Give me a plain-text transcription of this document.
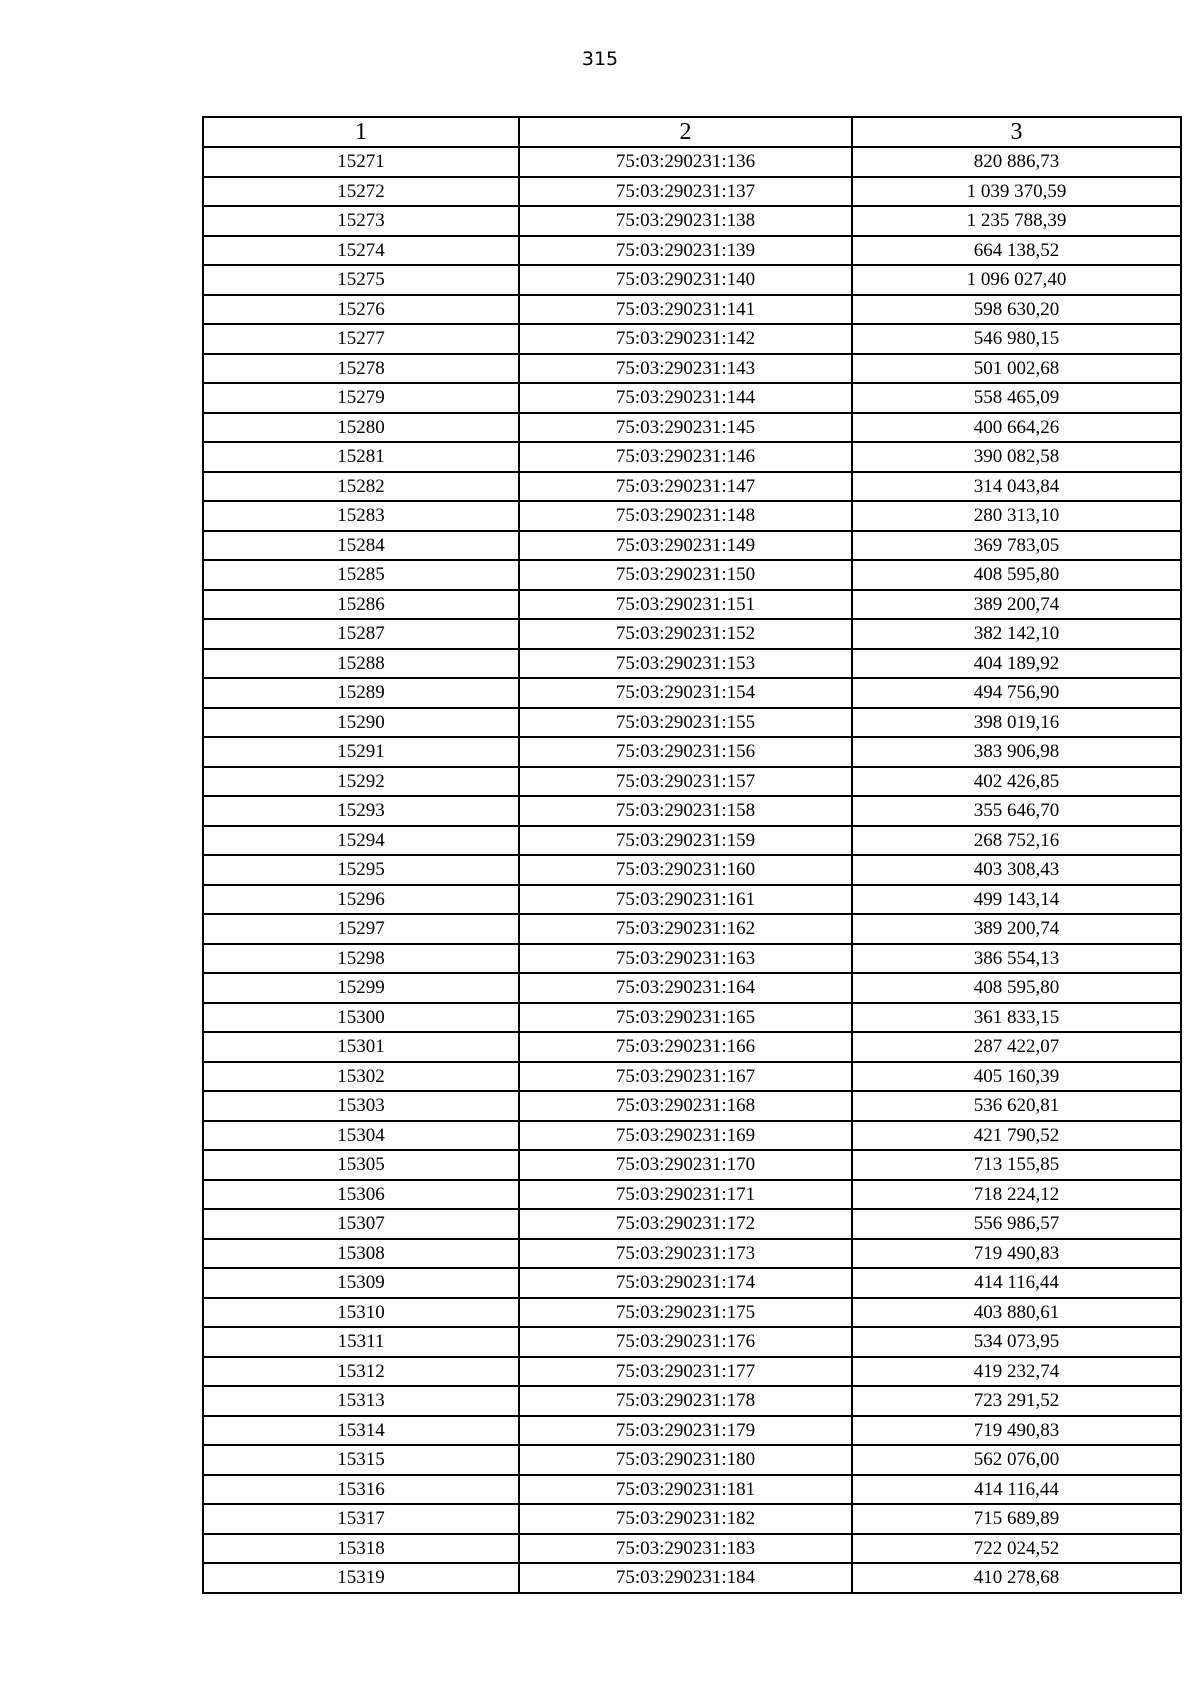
315
1	2	3
15271	75:03:290231:136	820 886,73
15272	75:03:290231:137	1 039 370,59
15273	75:03:290231:138	1 235 788,39
15274	75:03:290231:139	664 138,52
15275	75:03:290231:140	1 096 027,40
15276	75:03:290231:141	598 630,20
15277	75:03:290231:142	546 980,15
15278	75:03:290231:143	501 002,68
15279	75:03:290231:144	558 465,09
15280	75:03:290231:145	400 664,26
15281	75:03:290231:146	390 082,58
15282	75:03:290231:147	314 043,84
15283	75:03:290231:148	280 313,10
15284	75:03:290231:149	369 783,05
15285	75:03:290231:150	408 595,80
15286	75:03:290231:151	389 200,74
15287	75:03:290231:152	382 142,10
15288	75:03:290231:153	404 189,92
15289	75:03:290231:154	494 756,90
15290	75:03:290231:155	398 019,16
15291	75:03:290231:156	383 906,98
15292	75:03:290231:157	402 426,85
15293	75:03:290231:158	355 646,70
15294	75:03:290231:159	268 752,16
15295	75:03:290231:160	403 308,43
15296	75:03:290231:161	499 143,14
15297	75:03:290231:162	389 200,74
15298	75:03:290231:163	386 554,13
15299	75:03:290231:164	408 595,80
15300	75:03:290231:165	361 833,15
15301	75:03:290231:166	287 422,07
15302	75:03:290231:167	405 160,39
15303	75:03:290231:168	536 620,81
15304	75:03:290231:169	421 790,52
15305	75:03:290231:170	713 155,85
15306	75:03:290231:171	718 224,12
15307	75:03:290231:172	556 986,57
15308	75:03:290231:173	719 490,83
15309	75:03:290231:174	414 116,44
15310	75:03:290231:175	403 880,61
15311	75:03:290231:176	534 073,95
15312	75:03:290231:177	419 232,74
15313	75:03:290231:178	723 291,52
15314	75:03:290231:179	719 490,83
15315	75:03:290231:180	562 076,00
15316	75:03:290231:181	414 116,44
15317	75:03:290231:182	715 689,89
15318	75:03:290231:183	722 024,52
15319	75:03:290231:184	410 278,68
